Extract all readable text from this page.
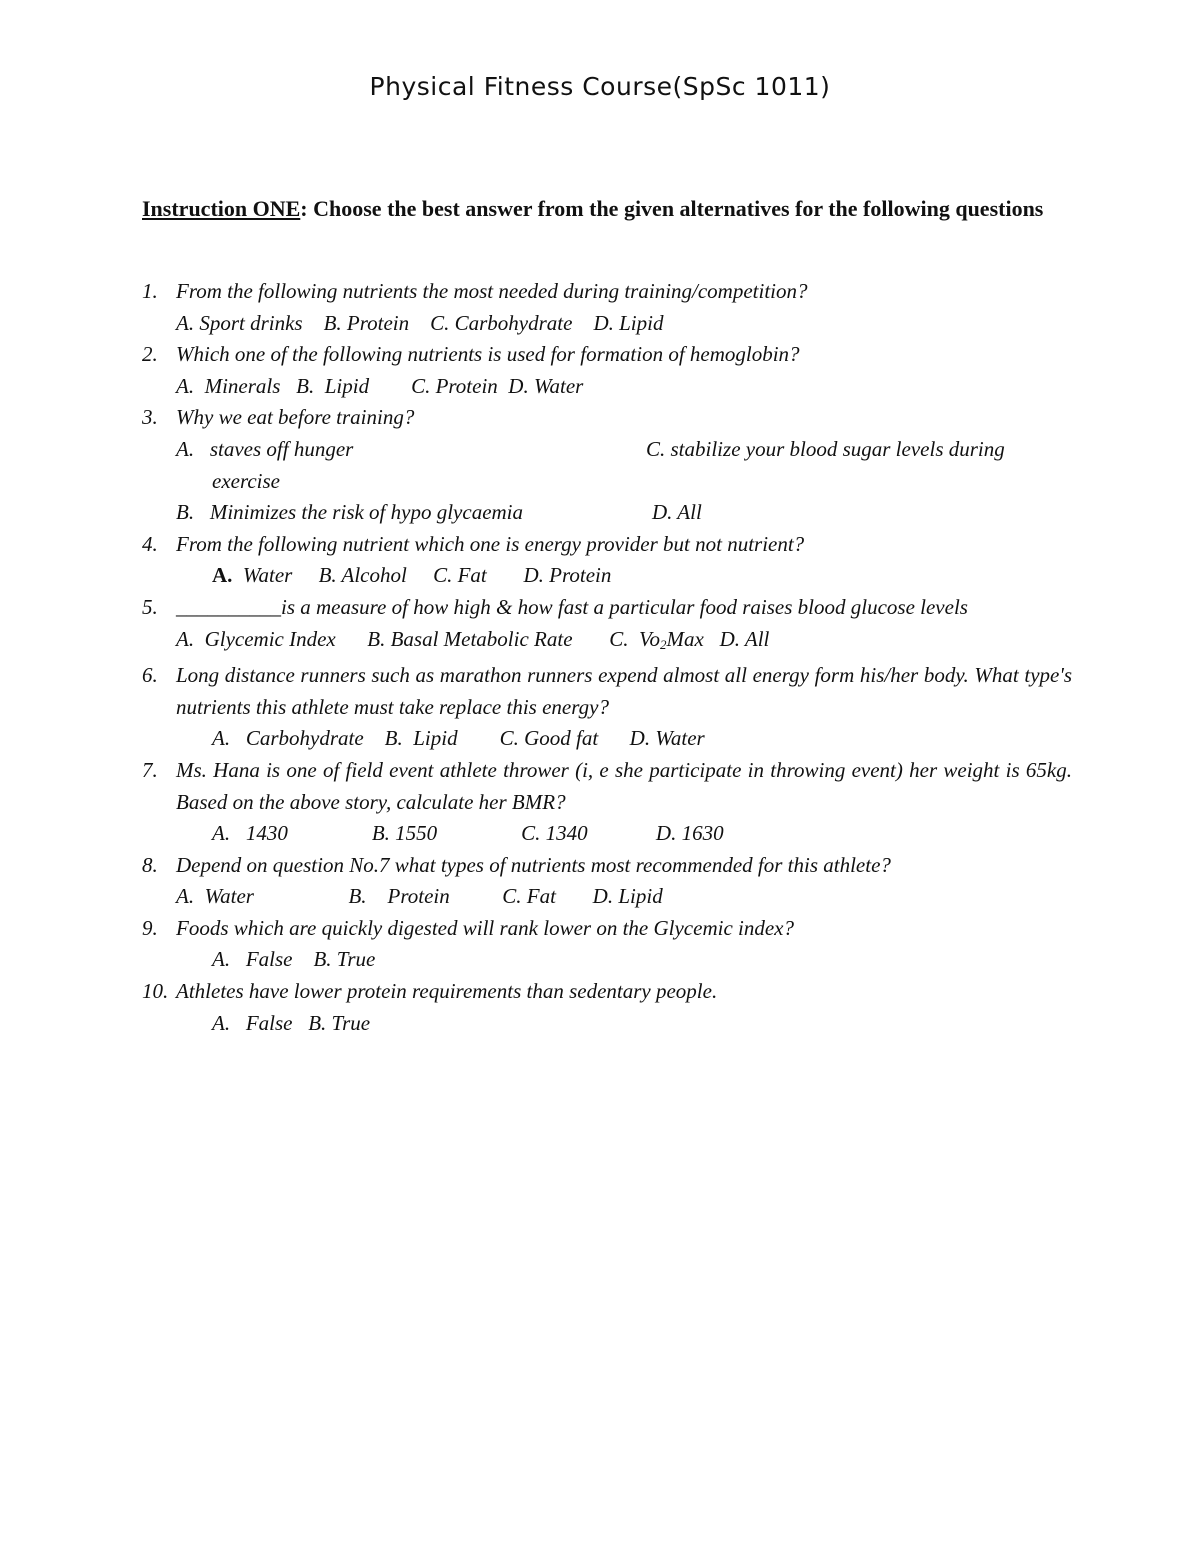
Physical Fitness Course(SpSc 1011)
Instruction ONE: Choose the best answer from the given alternatives for the following questions
1. From the following nutrients the most needed during training/competition?
A. Sport drinks    B. Protein    C. Carbohydrate    D. Lipid
2. Which one of the following nutrients is used for formation of hemoglobin?
A.  Minerals   B.  Lipid        C. Protein  D. Water
3. Why we eat before training?
A.   staves off hunger	C. stabilize your blood sugar levels during
exercise
B.   Minimizes the risk of hypo glycaemia	D. All
4. From the following nutrient which one is energy provider but not nutrient?
A.  Water     B. Alcohol     C. Fat       D. Protein
5. __________is a measure of how high & how fast a particular food raises blood glucose levels
A.  Glycemic Index      B. Basal Metabolic Rate       C.  $Vo_2Max$   D. All
6. Long distance runners such as marathon runners expend almost all energy form his/her body. What type's nutrients this athlete must take replace this energy?
A.   Carbohydrate    B.  Lipid        C. Good fat      D. Water
7. Ms. Hana is one of field event athlete thrower (i, e she participate in throwing event) her weight is 65kg. Based on the above story, calculate her BMR?
A.   1430                B. 1550                C. 1340             D. 1630
8. Depend on question No.7 what types of nutrients most recommended for this athlete?
A.  Water                  B.    Protein          C. Fat       D. Lipid
9. Foods which are quickly digested will rank lower on the Glycemic index?
A.   False    B. True
10. Athletes have lower protein requirements than sedentary people.
A.   False   B. True
